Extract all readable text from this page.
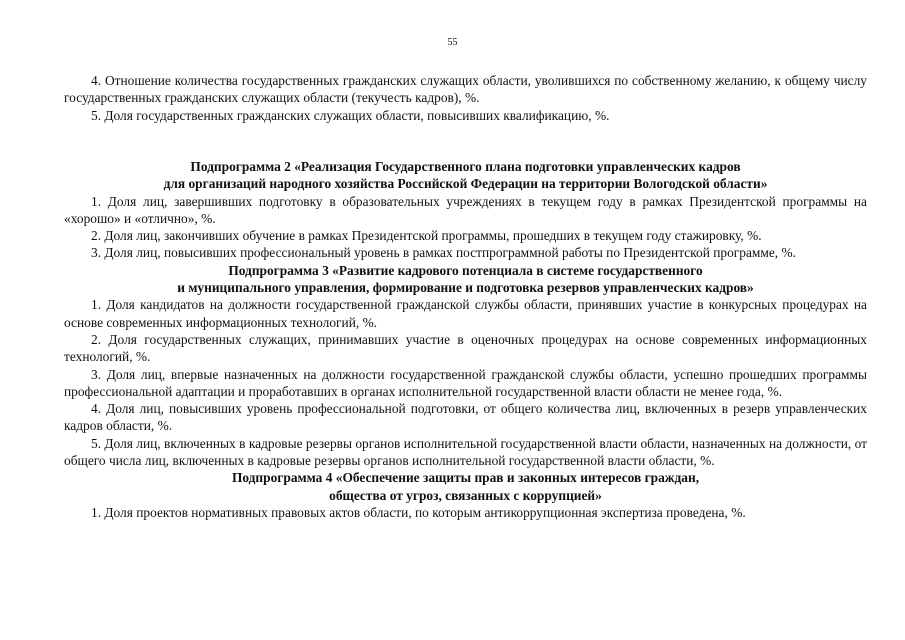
55

4. Отношение количества государственных гражданских служащих области, уволившихся по собственному желанию, к общему числу государственных гражданских служащих области (текучесть кадров), %.

5. Доля государственных гражданских служащих области, повысивших квалификацию, %.

Подпрограмма 2 «Реализация Государственного плана подготовки управленческих кадров

для организаций народного хозяйства Российской Федерации на территории Вологодской области»

1. Доля лиц, завершивших подготовку в образовательных учреждениях в текущем году в рамках Президентской программы на «хорошо» и «отлично», %.

2. Доля лиц, закончивших обучение в рамках Президентской программы, прошедших в текущем году стажировку, %.

3. Доля лиц, повысивших профессиональный уровень в рамках постпрограммной работы по Президентской программе, %.

Подпрограмма 3 «Развитие кадрового потенциала в системе государственного

и муниципального управления, формирование и подготовка резервов управленческих кадров»

1. Доля кандидатов на должности государственной гражданской службы области, принявших участие в конкурсных процедурах на основе современных информационных технологий, %.

2. Доля государственных служащих, принимавших участие в оценочных процедурах на основе современных информационных технологий, %.

3. Доля лиц, впервые назначенных на должности государственной гражданской службы области, успешно прошедших программы профессиональной адаптации и проработавших в органах исполнительной государственной власти области не менее года, %.

4. Доля лиц, повысивших уровень профессиональной подготовки, от общего количества лиц, включенных в резерв управленческих кадров области, %.

5. Доля лиц, включенных в кадровые резервы органов исполнительной государственной власти области, назначенных на должности, от общего числа лиц, включенных в кадровые резервы органов исполнительной государственной власти области, %.

Подпрограмма 4 «Обеспечение защиты прав и законных интересов граждан,

общества от угроз, связанных с коррупцией»

1. Доля проектов нормативных правовых актов области, по которым антикоррупционная экспертиза проведена, %.
